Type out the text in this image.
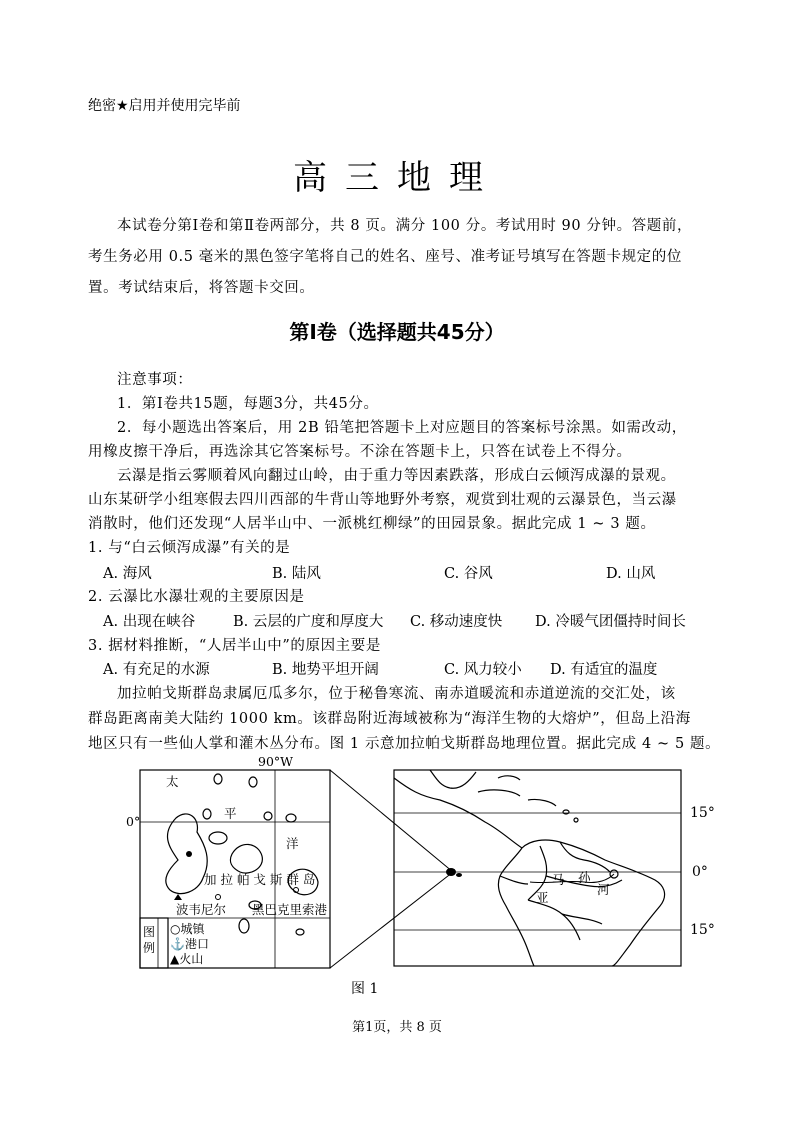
绝密★启用并使用完毕前
高三地理
本试卷分第Ⅰ卷和第Ⅱ卷两部分，共 8 页。满分 100 分。考试用时 90 分钟。答题前，
考生务必用 0.5 毫米的黑色签字笔将自己的姓名、座号、准考证号填写在答题卡规定的位
置。考试结束后，将答题卡交回。
第Ⅰ卷（选择题共45分）
注意事项：
1．第Ⅰ卷共15题，每题3分，共45分。
2．每小题选出答案后，用 2B 铅笔把答题卡上对应题目的答案标号涂黑。如需改动，
用橡皮擦干净后，再选涂其它答案标号。不涂在答题卡上，只答在试卷上不得分。
云瀑是指云雾顺着风向翻过山岭，由于重力等因素跌落，形成白云倾泻成瀑的景观。
山东某研学小组寒假去四川西部的牛背山等地野外考察，观赏到壮观的云瀑景色，当云瀑
消散时，他们还发现“人居半山中、一派桃红柳绿”的田园景象。据此完成 1 ~ 3 题。
1. 与“白云倾泻成瀑”有关的是
A. 海风	B. 陆风	C. 谷风	D. 山风
2. 云瀑比水瀑壮观的主要原因是
A. 出现在峡谷	B. 云层的广度和厚度大 C. 移动速度快 D. 冷暖气团僵持时间长
3. 据材料推断，“人居半山中”的原因主要是
A. 有充足的水源	B. 地势平坦开阔	C. 风力较小 D. 有适宜的温度
加拉帕戈斯群岛隶属厄瓜多尔，位于秘鲁寒流、南赤道暖流和赤道逆流的交汇处，该
群岛距离南美大陆约 1000 km。该群岛附近海域被称为“海洋生物的大熔炉”，但岛上沿海
地区只有一些仙人掌和灌木丛分布。图 1 示意加拉帕戈斯群岛地理位置。据此完成 4 ~ 5 题。
90°W
0°
太
平
洋
加 拉 帕 戈 斯 群 岛
波韦尼尔 黑巴克里索港
图例
○城镇
⚓港口
▲火山
15°
0°
15°
马 孙
亚
河
图 1
第1页，共 8 页
